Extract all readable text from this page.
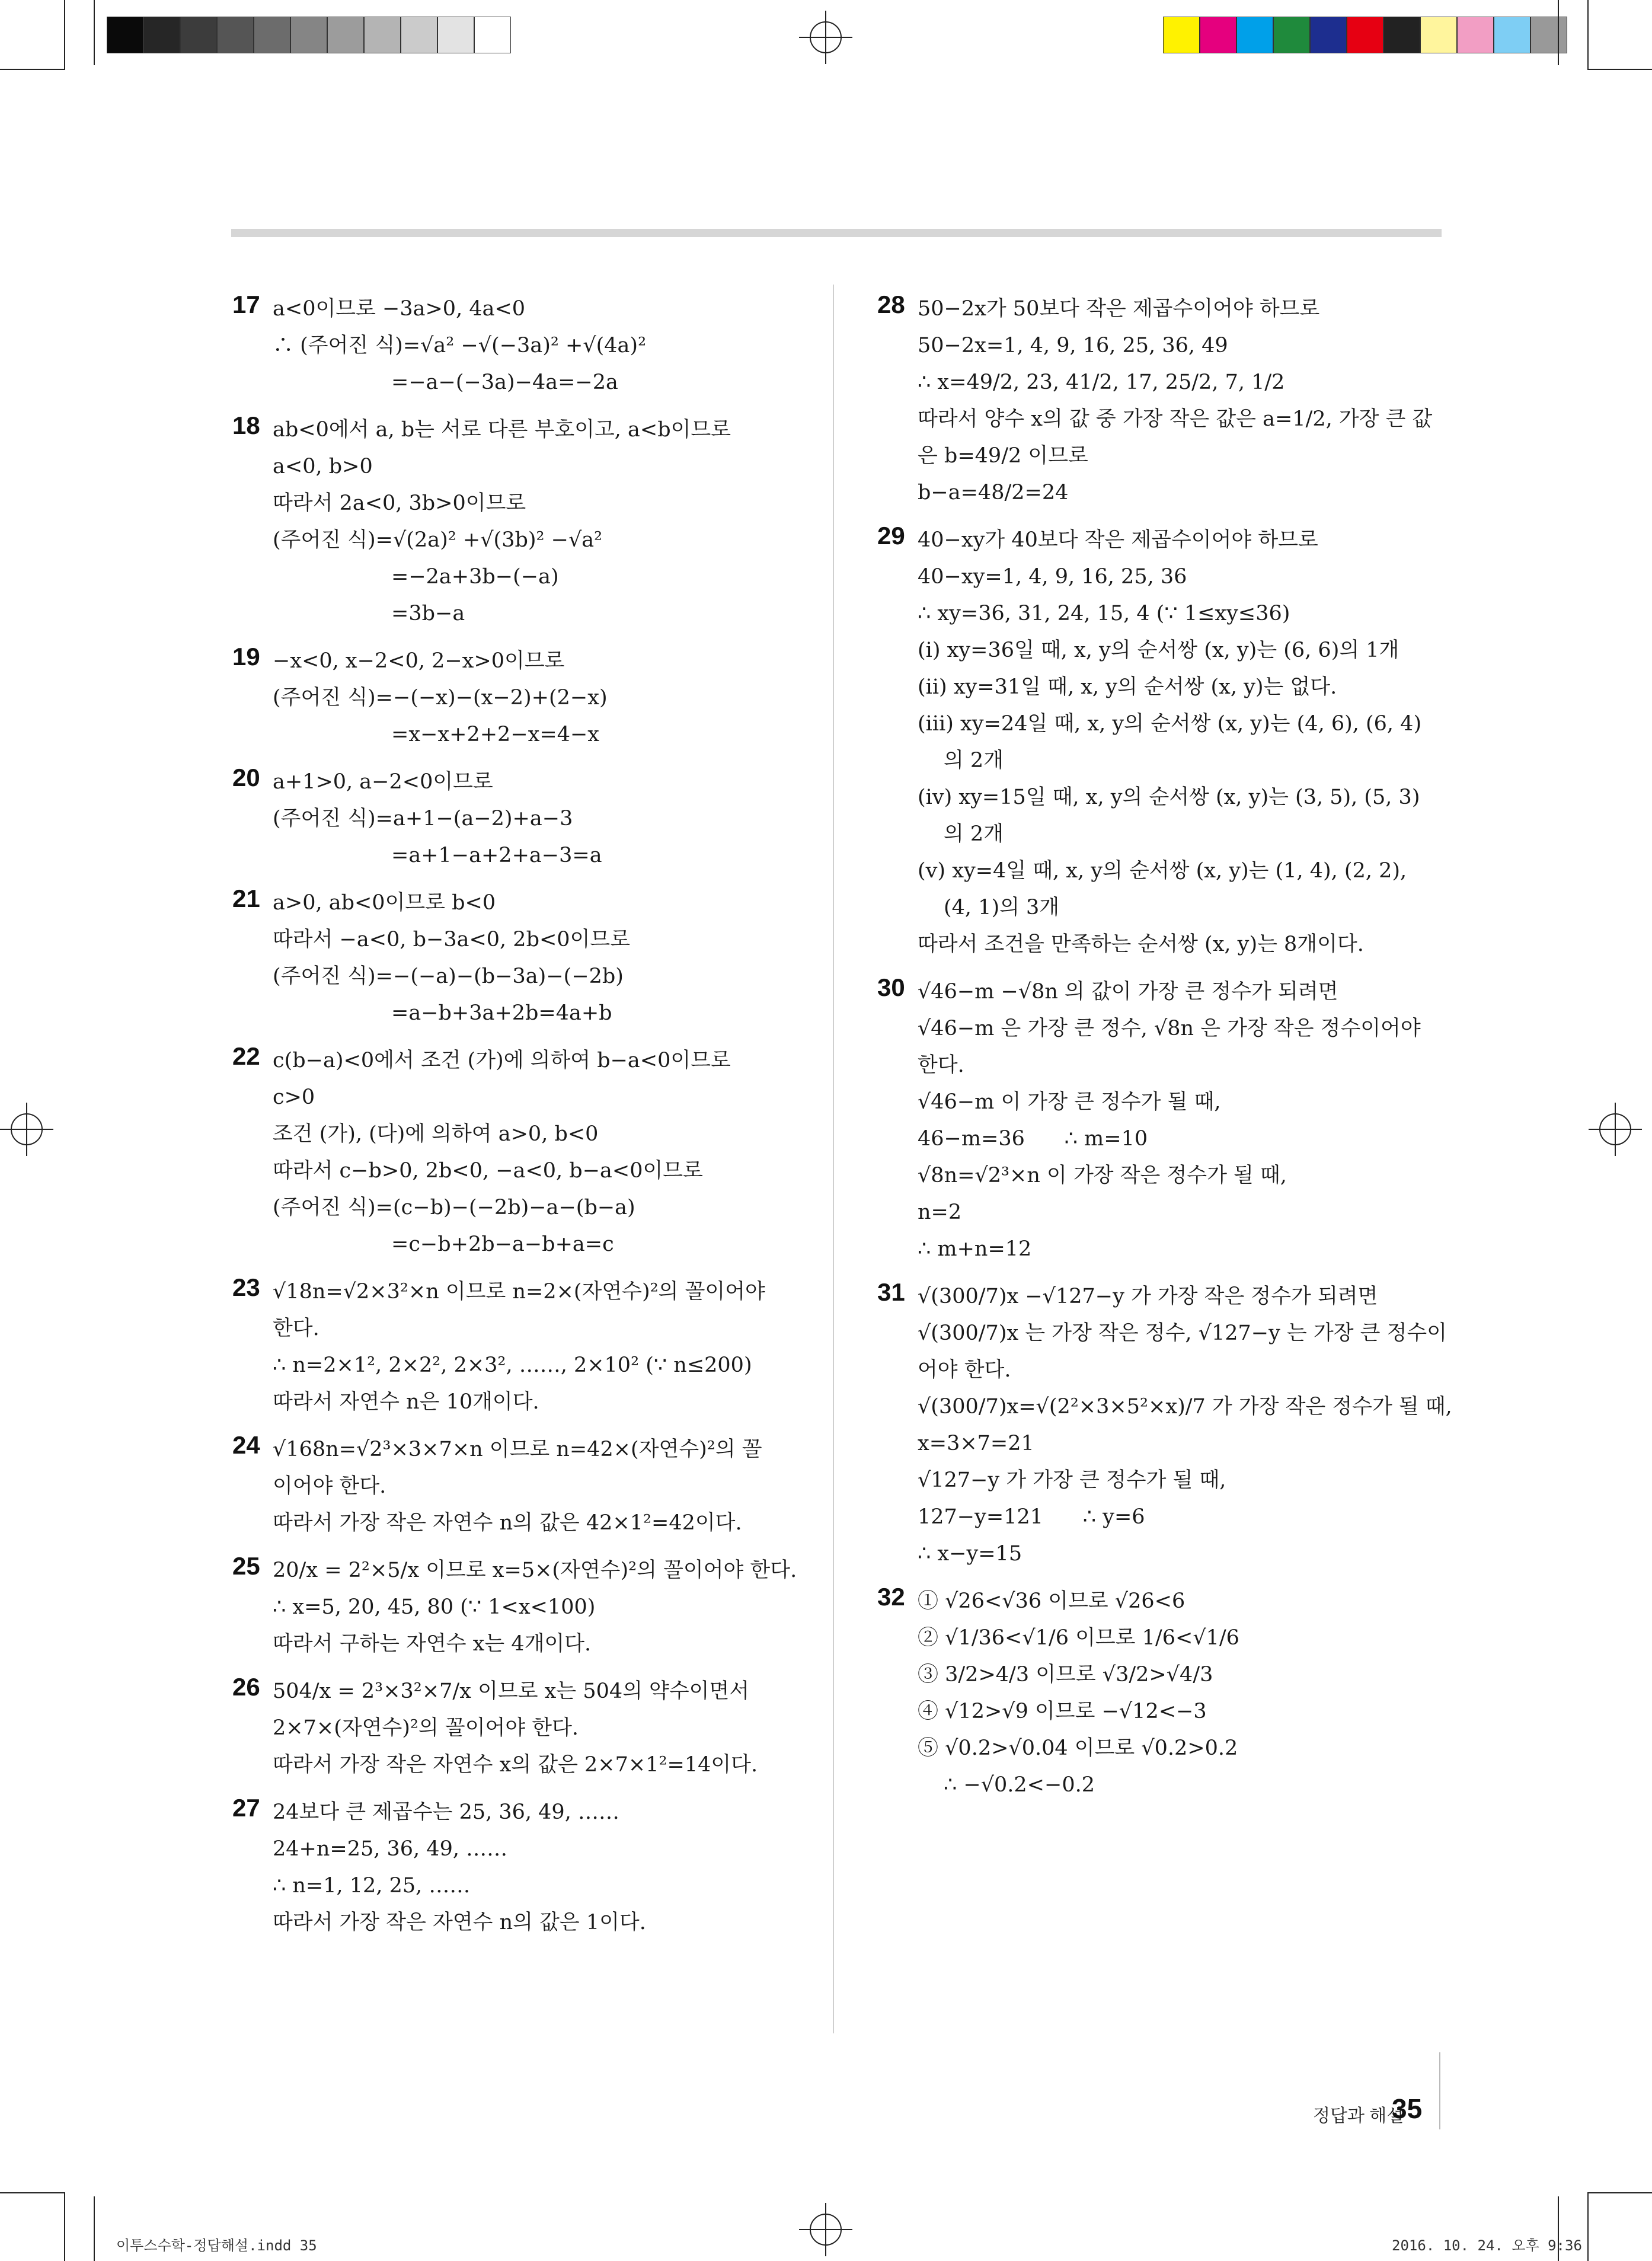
17 a<0이므로 −3a>0, 4a<0
∴ (주어진 식)=√a² −√(−3a)² +√(4a)²
=−a−(−3a)−4a=−2a
18 ab<0에서 a, b는 서로 다른 부호이고, a<b이므로
a<0, b>0
따라서 2a<0, 3b>0이므로
(주어진 식)=√(2a)² +√(3b)² −√a²
=−2a+3b−(−a)
=3b−a
19 −x<0, x−2<0, 2−x>0이므로
(주어진 식)=−(−x)−(x−2)+(2−x)
=x−x+2+2−x=4−x
20 a+1>0, a−2<0이므로
(주어진 식)=a+1−(a−2)+a−3
=a+1−a+2+a−3=a
21 a>0, ab<0이므로 b<0
따라서 −a<0, b−3a<0, 2b<0이므로
(주어진 식)=−(−a)−(b−3a)−(−2b)
=a−b+3a+2b=4a+b
22 c(b−a)<0에서 조건 (가)에 의하여 b−a<0이므로
c>0
조건 (가), (다)에 의하여 a>0, b<0
따라서 c−b>0, 2b<0, −a<0, b−a<0이므로
(주어진 식)=(c−b)−(−2b)−a−(b−a)
=c−b+2b−a−b+a=c
23 √18n=√2×3²×n 이므로 n=2×(자연수)²의 꼴이어야
한다.
∴ n=2×1², 2×2², 2×3², ……, 2×10² (∵ n≤200)
따라서 자연수 n은 10개이다.
24 √168n=√2³×3×7×n 이므로 n=42×(자연수)²의 꼴
이어야 한다.
따라서 가장 작은 자연수 n의 값은 42×1²=42이다.
25 20/x = 2²×5/x 이므로 x=5×(자연수)²의 꼴이어야 한다.
∴ x=5, 20, 45, 80 (∵ 1<x<100)
따라서 구하는 자연수 x는 4개이다.
26 504/x = 2³×3²×7/x 이므로 x는 504의 약수이면서
2×7×(자연수)²의 꼴이어야 한다.
따라서 가장 작은 자연수 x의 값은 2×7×1²=14이다.
27 24보다 큰 제곱수는 25, 36, 49, ……
24+n=25, 36, 49, ……
∴ n=1, 12, 25, ……
따라서 가장 작은 자연수 n의 값은 1이다.
28 50−2x가 50보다 작은 제곱수이어야 하므로
50−2x=1, 4, 9, 16, 25, 36, 49
∴ x=49/2, 23, 41/2, 17, 25/2, 7, 1/2
따라서 양수 x의 값 중 가장 작은 값은 a=1/2, 가장 큰 값
은 b=49/2 이므로
b−a=48/2=24
29 40−xy가 40보다 작은 제곱수이어야 하므로
40−xy=1, 4, 9, 16, 25, 36
∴ xy=36, 31, 24, 15, 4 (∵ 1≤xy≤36)
(ⅰ) xy=36일 때, x, y의 순서쌍 (x, y)는 (6, 6)의 1개
(ⅱ) xy=31일 때, x, y의 순서쌍 (x, y)는 없다.
(ⅲ) xy=24일 때, x, y의 순서쌍 (x, y)는 (4, 6), (6, 4)
의 2개
(ⅳ) xy=15일 때, x, y의 순서쌍 (x, y)는 (3, 5), (5, 3)
의 2개
(ⅴ) xy=4일 때, x, y의 순서쌍 (x, y)는 (1, 4), (2, 2),
(4, 1)의 3개
따라서 조건을 만족하는 순서쌍 (x, y)는 8개이다.
30 √46−m −√8n 의 값이 가장 큰 정수가 되려면
√46−m 은 가장 큰 정수, √8n 은 가장 작은 정수이어야
한다.
√46−m 이 가장 큰 정수가 될 때,
46−m=36      ∴ m=10
√8n=√2³×n 이 가장 작은 정수가 될 때,
n=2
∴ m+n=12
31 √(300/7)x −√127−y 가 가장 작은 정수가 되려면
√(300/7)x 는 가장 작은 정수, √127−y 는 가장 큰 정수이
어야 한다.
√(300/7)x=√(2²×3×5²×x)/7 가 가장 작은 정수가 될 때,
x=3×7=21
√127−y 가 가장 큰 정수가 될 때,
127−y=121      ∴ y=6
∴ x−y=15
32 ① √26<√36 이므로 √26<6
② √1/36<√1/6 이므로 1/6<√1/6
③ 3/2>4/3 이므로 √3/2>√4/3
④ √12>√9 이므로 −√12<−3
⑤ √0.2>√0.04 이므로 √0.2>0.2
∴ −√0.2<−0.2
정답과 해설
35
이투스수학-정답해설.indd 35	2016. 10. 24. 오후 9:36
